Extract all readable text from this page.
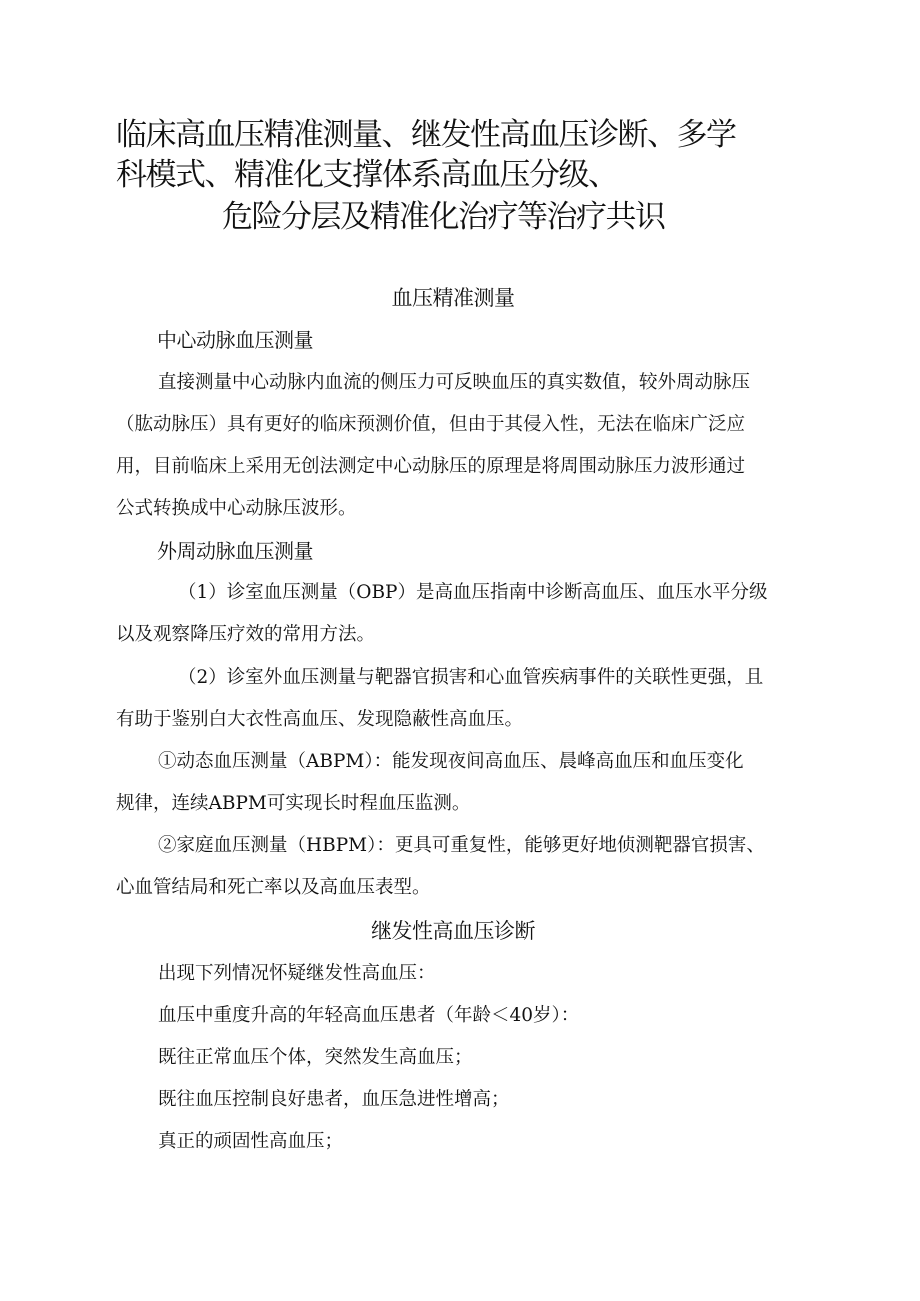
临床高血压精准测量、继发性高血压诊断、多学
科模式、精准化支撑体系高血压分级、
危险分层及精准化治疗等治疗共识
血压精准测量
中心动脉血压测量
直接测量中心动脉内血流的侧压力可反映血压的真实数值，较外周动脉压
（肱动脉压）具有更好的临床预测价值，但由于其侵入性，无法在临床广泛应
用，目前临床上采用无创法测定中心动脉压的原理是将周围动脉压力波形通过
公式转换成中心动脉压波形。
外周动脉血压测量
（1）诊室血压测量（OBP）是高血压指南中诊断高血压、血压水平分级
以及观察降压疗效的常用方法。
（2）诊室外血压测量与靶器官损害和心血管疾病事件的关联性更强，且
有助于鉴别白大衣性高血压、发现隐蔽性高血压。
①动态血压测量（ABPM）：能发现夜间高血压、晨峰高血压和血压变化
规律，连续ABPM可实现长时程血压监测。
②家庭血压测量（HBPM）：更具可重复性，能够更好地侦测靶器官损害、
心血管结局和死亡率以及高血压表型。
继发性高血压诊断
出现下列情况怀疑继发性高血压：
血压中重度升高的年轻高血压患者（年龄＜40岁）：
既往正常血压个体，突然发生高血压；
既往血压控制良好患者，血压急进性增高；
真正的顽固性高血压；
